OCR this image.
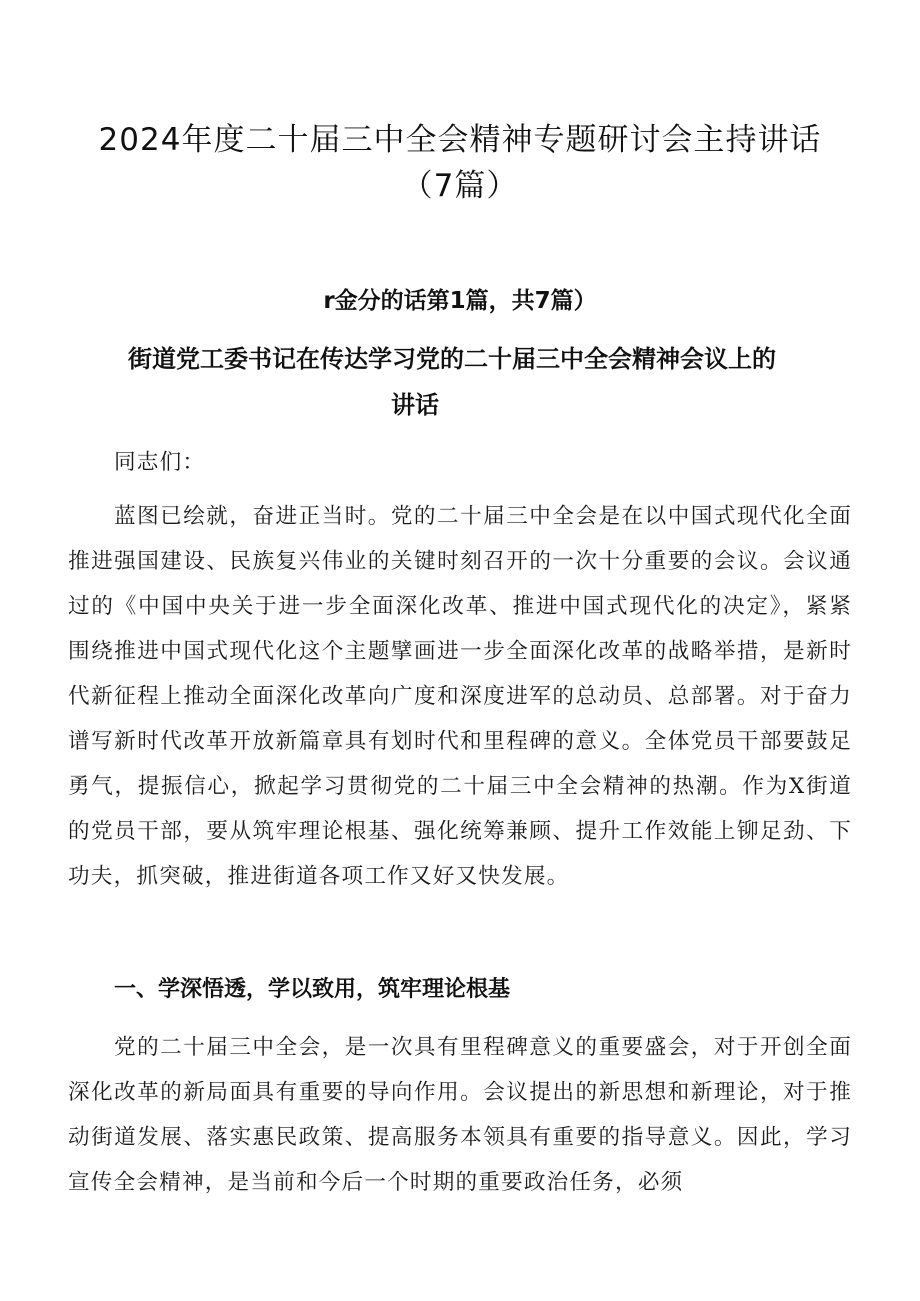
2024年度二十届三中全会精神专题研讨会主持讲话
（7篇）
r金分的话第1篇，共7篇）
街道党工委书记在传达学习党的二十届三中全会精神会议上的
讲话

同志们：

蓝图已绘就，奋进正当时。党的二十届三中全会是在以中国式现代化全面推进强国建设、民族复兴伟业的关键时刻召开的一次十分重要的会议。会议通过的《中国中央关于进一步全面深化改革、推进中国式现代化的决定》，紧紧围绕推进中国式现代化这个主题擘画进一步全面深化改革的战略举措，是新时代新征程上推动全面深化改革向广度和深度进军的总动员、总部署。对于奋力谱写新时代改革开放新篇章具有划时代和里程碑的意义。全体党员干部要鼓足勇气，提振信心，掀起学习贯彻党的二十届三中全会精神的热潮。作为X街道的党员干部，要从筑牢理论根基、强化统筹兼顾、提升工作效能上铆足劲、下功夫，抓突破，推进街道各项工作又好又快发展。

一、学深悟透，学以致用，筑牢理论根基

党的二十届三中全会，是一次具有里程碑意义的重要盛会，对于开创全面深化改革的新局面具有重要的导向作用。会议提出的新思想和新理论，对于推动街道发展、落实惠民政策、提高服务本领具有重要的指导意义。因此，学习宣传全会精神，是当前和今后一个时期的重要政治任务，必须
